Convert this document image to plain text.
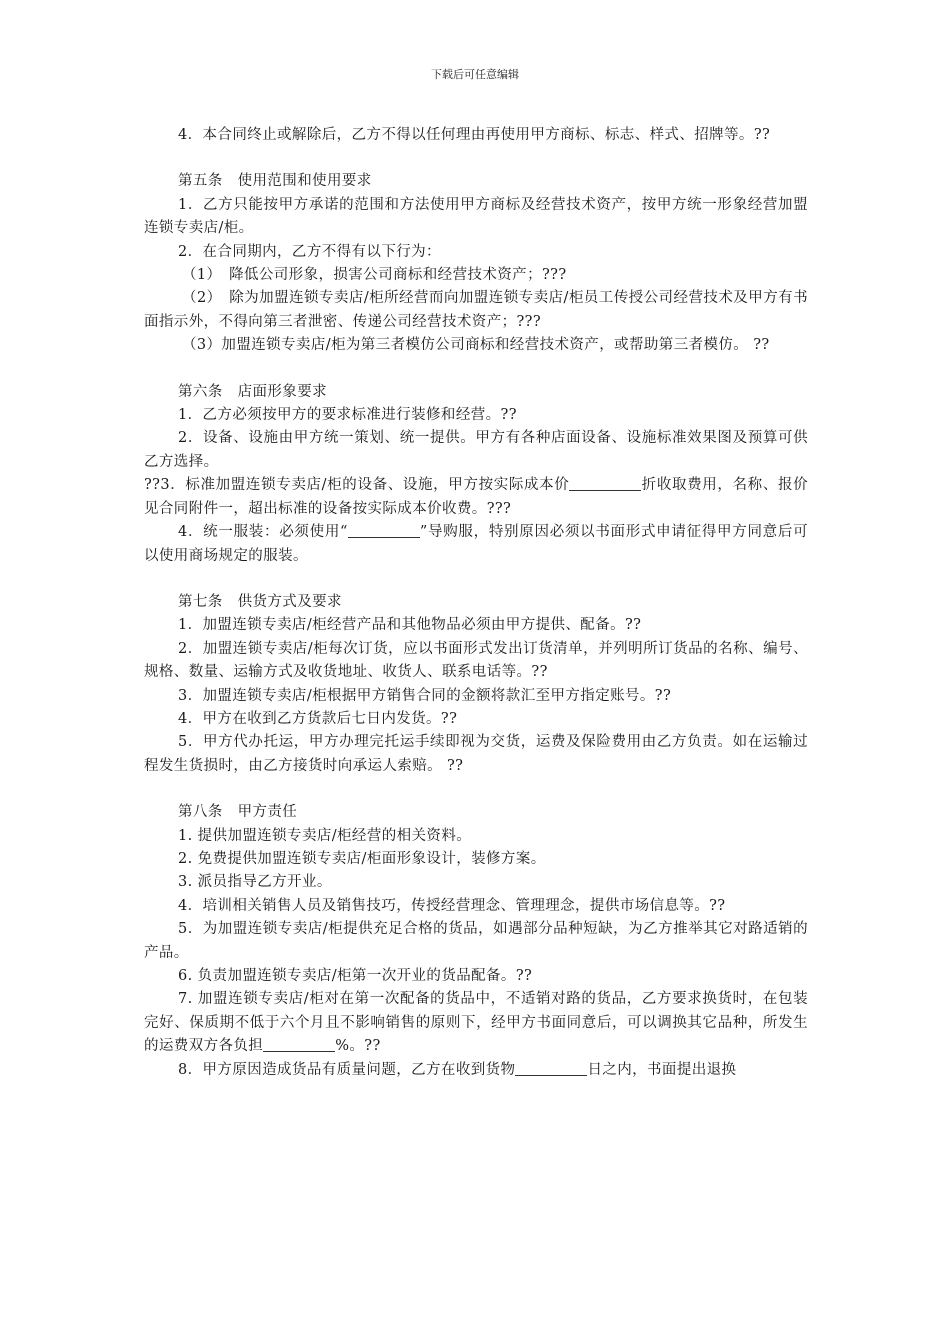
下载后可任意编辑

4．本合同终止或解除后，乙方不得以任何理由再使用甲方商标、标志、样式、招牌等。??

第五条　使用范围和使用要求

1．乙方只能按甲方承诺的范围和方法使用甲方商标及经营技术资产，按甲方统一形象经营加盟连锁专卖店/柜。

2．在合同期内，乙方不得有以下行为：

（1）　降低公司形象，损害公司商标和经营技术资产；???

（2）　除为加盟连锁专卖店/柜所经营而向加盟连锁专卖店/柜员工传授公司经营技术及甲方有书面指示外，不得向第三者泄密、传递公司经营技术资产；???

（3）加盟连锁专卖店/柜为第三者模仿公司商标和经营技术资产，或帮助第三者模仿。 ??

第六条　店面形象要求

1．乙方必须按甲方的要求标准进行装修和经营。??

2．设备、设施由甲方统一策划、统一提供。甲方有各种店面设备、设施标准效果图及预算可供乙方选择。

??3．标准加盟连锁专卖店/柜的设备、设施，甲方按实际成本价	折收取费用，名称、报价见合同附件一，超出标准的设备按实际成本价收费。???

4．统一服装：必须使用“	”导购服，特别原因必须以书面形式申请征得甲方同意后可以使用商场规定的服装。

第七条　供货方式及要求

1．加盟连锁专卖店/柜经营产品和其他物品必须由甲方提供、配备。??

2．加盟连锁专卖店/柜每次订货，应以书面形式发出订货清单，并列明所订货品的名称、编号、规格、数量、运输方式及收货地址、收货人、联系电话等。??

3．加盟连锁专卖店/柜根据甲方销售合同的金额将款汇至甲方指定账号。??

4．甲方在收到乙方货款后七日内发货。??

5．甲方代办托运，甲方办理完托运手续即视为交货，运费及保险费用由乙方负责。如在运输过程发生货损时，由乙方接货时向承运人索赔。 ??

第八条　甲方责任

1. 提供加盟连锁专卖店/柜经营的相关资料。

2. 免费提供加盟连锁专卖店/柜面形象设计，装修方案。

3. 派员指导乙方开业。

4．培训相关销售人员及销售技巧，传授经营理念、管理理念，提供市场信息等。??

5．为加盟连锁专卖店/柜提供充足合格的货品，如遇部分品种短缺，为乙方推举其它对路适销的产品。

6. 负责加盟连锁专卖店/柜第一次开业的货品配备。??

7. 加盟连锁专卖店/柜对在第一次配备的货品中，不适销对路的货品，乙方要求换货时，在包装完好、保质期不低于六个月且不影响销售的原则下，经甲方书面同意后，可以调换其它品种，所发生的运费双方各负担	%。??

8．甲方原因造成货品有质量问题，乙方在收到货物	日之内，书面提出退换
